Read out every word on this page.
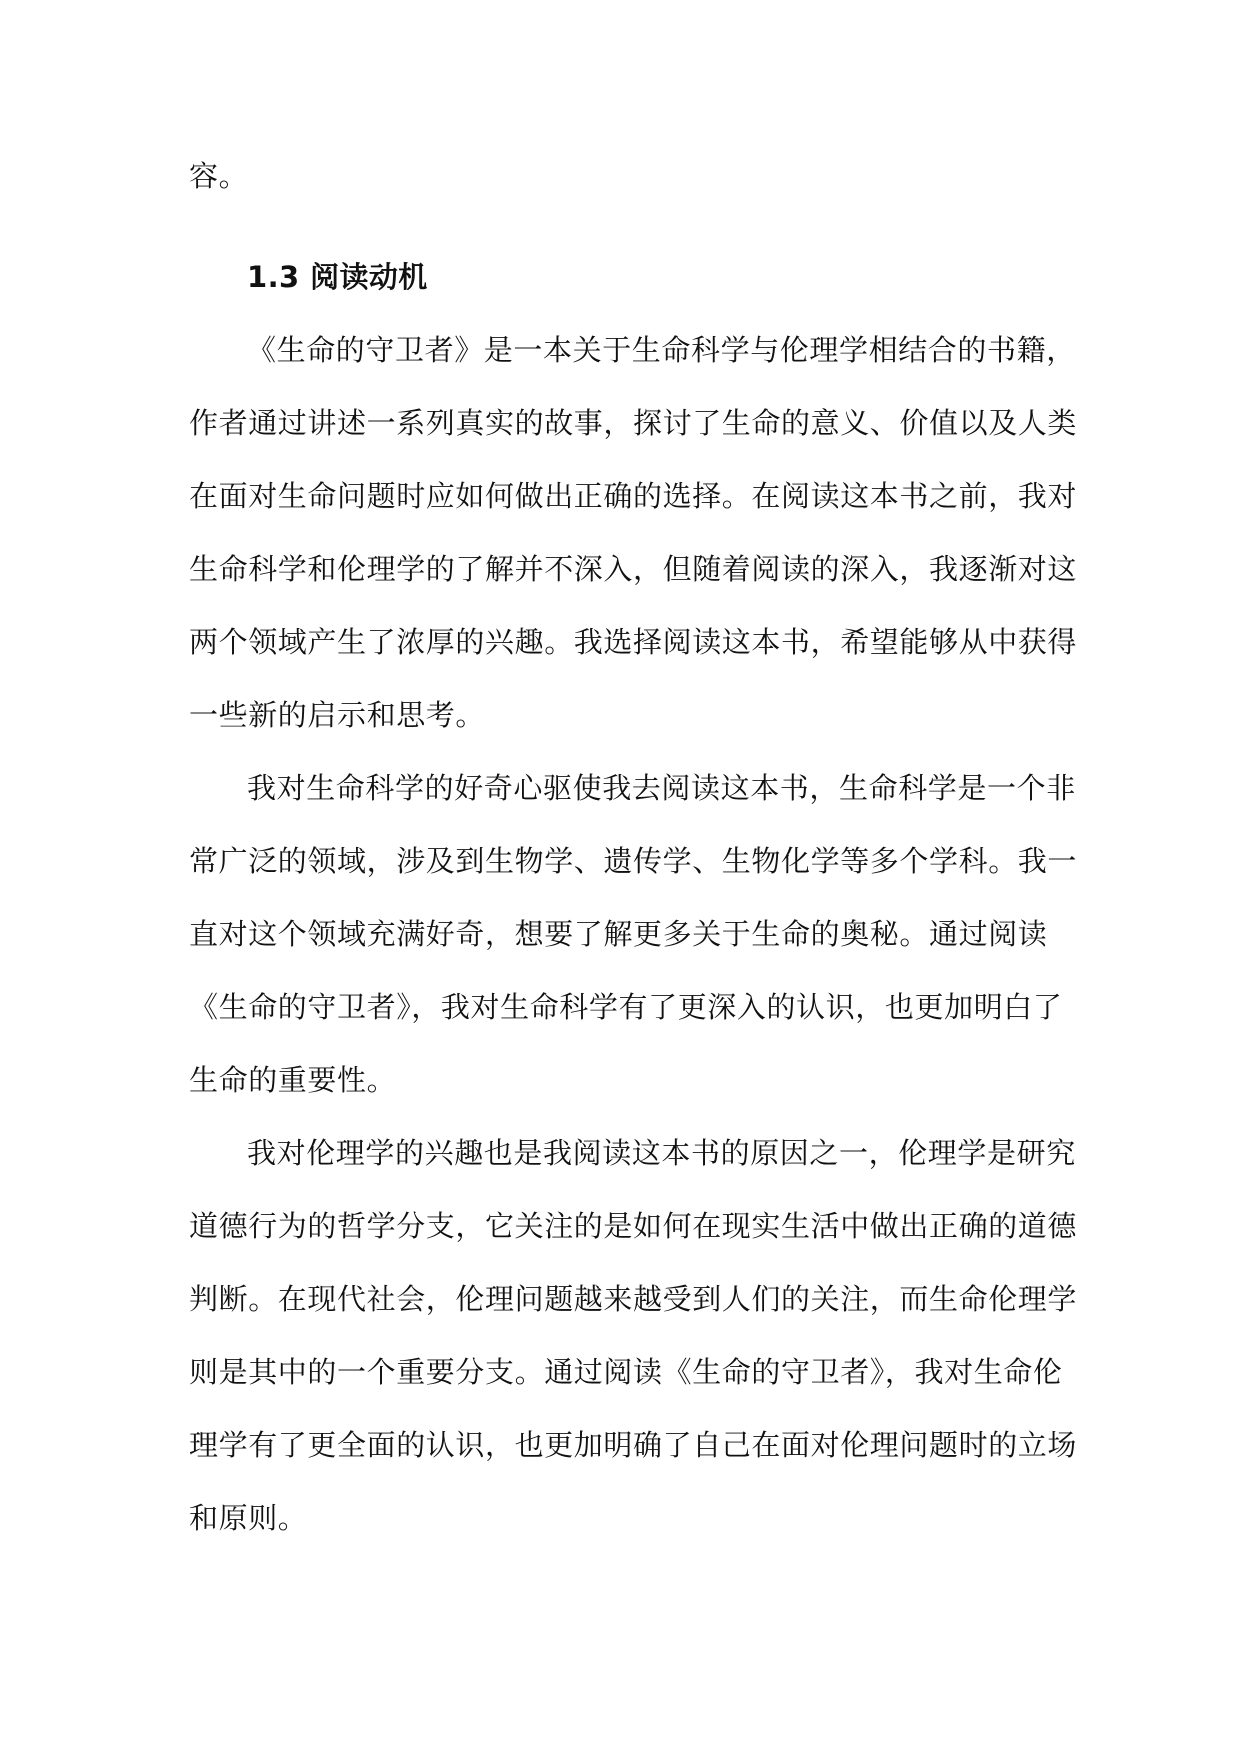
容。
1.3 阅读动机
《生命的守卫者》是一本关于生命科学与伦理学相结合的书籍，
作者通过讲述一系列真实的故事，探讨了生命的意义、价值以及人类
在面对生命问题时应如何做出正确的选择。在阅读这本书之前，我对
生命科学和伦理学的了解并不深入，但随着阅读的深入，我逐渐对这
两个领域产生了浓厚的兴趣。我选择阅读这本书，希望能够从中获得
一些新的启示和思考。
我对生命科学的好奇心驱使我去阅读这本书，生命科学是一个非
常广泛的领域，涉及到生物学、遗传学、生物化学等多个学科。我一
直对这个领域充满好奇，想要了解更多关于生命的奥秘。通过阅读
《生命的守卫者》，我对生命科学有了更深入的认识，也更加明白了
生命的重要性。
我对伦理学的兴趣也是我阅读这本书的原因之一，伦理学是研究
道德行为的哲学分支，它关注的是如何在现实生活中做出正确的道德
判断。在现代社会，伦理问题越来越受到人们的关注，而生命伦理学
则是其中的一个重要分支。通过阅读《生命的守卫者》，我对生命伦
理学有了更全面的认识，也更加明确了自己在面对伦理问题时的立场
和原则。
